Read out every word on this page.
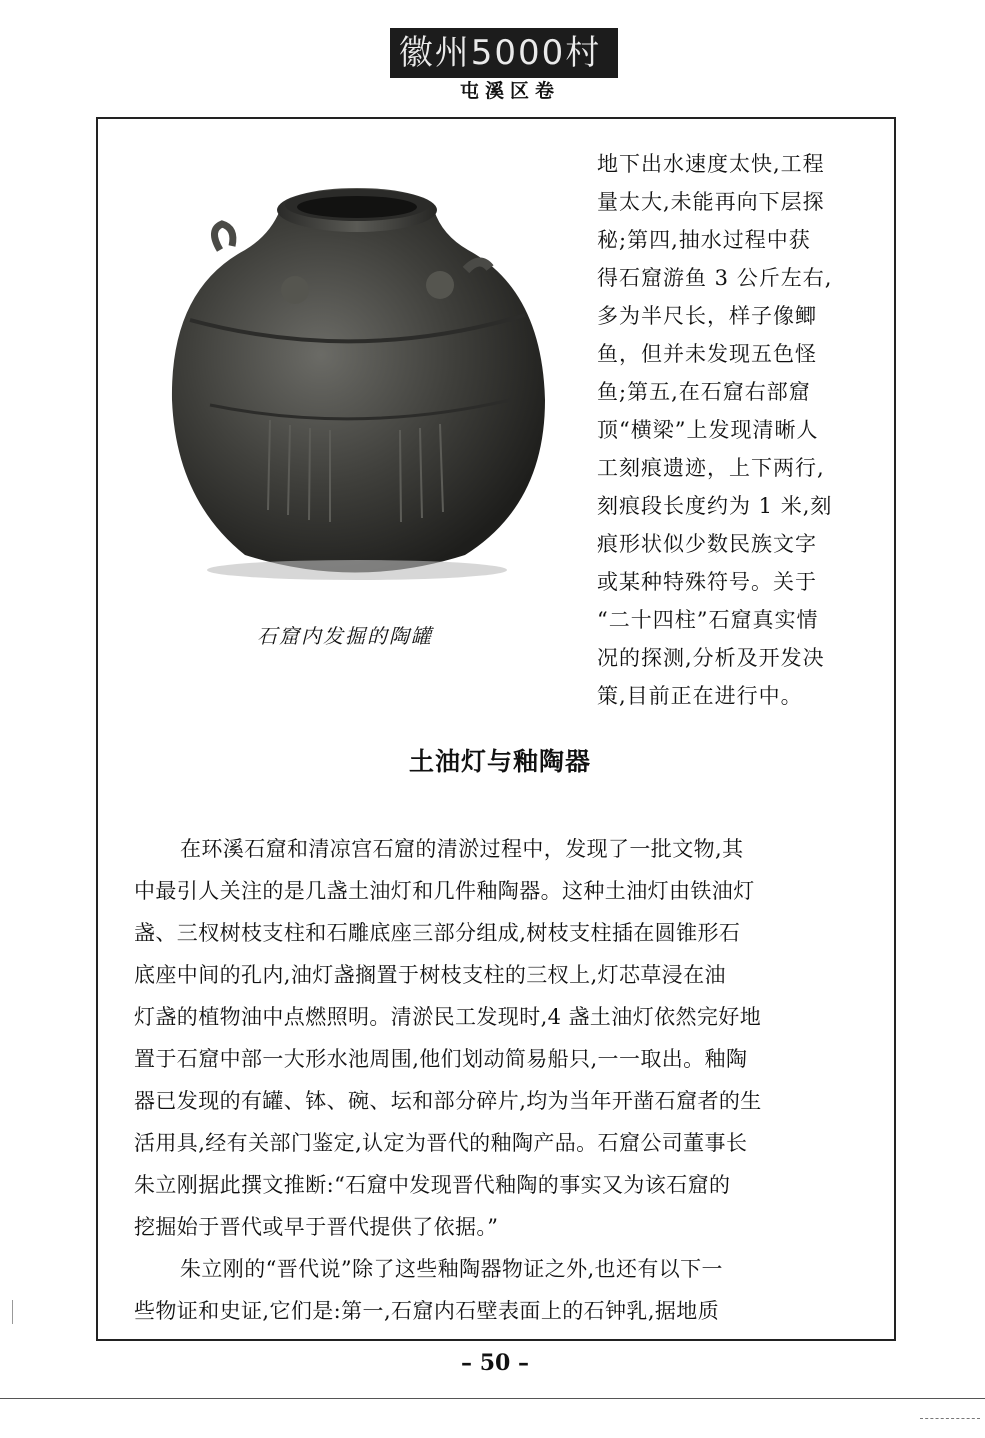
徽州5000村
屯溪区卷
石窟内发掘的陶罐
地下出水速度太快,工程
量太大,未能再向下层探
秘;第四,抽水过程中获
得石窟游鱼 3 公斤左右,
多为半尺长，样子像鲫
鱼，但并未发现五色怪
鱼;第五,在石窟右部窟
顶“横梁”上发现清晰人
工刻痕遗迹，上下两行,
刻痕段长度约为 1 米,刻
痕形状似少数民族文字
或某种特殊符号。关于
“二十四柱”石窟真实情
况的探测,分析及开发决
策,目前正在进行中。
土油灯与釉陶器
在环溪石窟和清凉宫石窟的清淤过程中，发现了一批文物,其
中最引人关注的是几盏土油灯和几件釉陶器。这种土油灯由铁油灯
盏、三杈树枝支柱和石雕底座三部分组成,树枝支柱插在圆锥形石
底座中间的孔内,油灯盏搁置于树枝支柱的三杈上,灯芯草浸在油
灯盏的植物油中点燃照明。清淤民工发现时,4 盏土油灯依然完好地
置于石窟中部一大形水池周围,他们划动简易船只,一一取出。釉陶
器已发现的有罐、钵、碗、坛和部分碎片,均为当年开凿石窟者的生
活用具,经有关部门鉴定,认定为晋代的釉陶产品。石窟公司董事长
朱立刚据此撰文推断:“石窟中发现晋代釉陶的事实又为该石窟的
挖掘始于晋代或早于晋代提供了依据。”
朱立刚的“晋代说”除了这些釉陶器物证之外,也还有以下一
些物证和史证,它们是:第一,石窟内石壁表面上的石钟乳,据地质
– 50 –
